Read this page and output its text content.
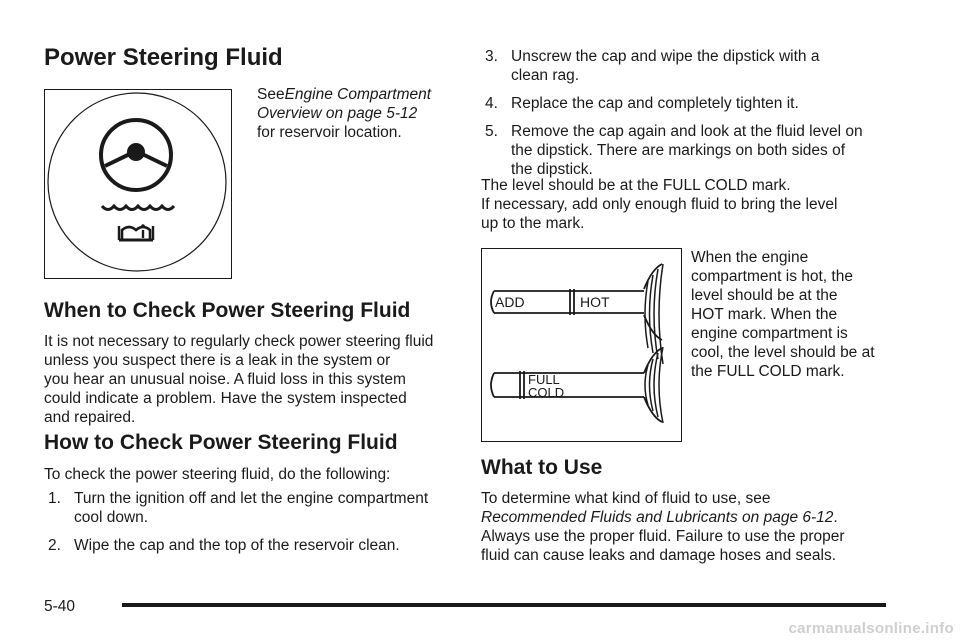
Power Steering Fluid
SeeEngine Compartment
Overview on page 5-12
for reservoir location.
When to Check Power Steering Fluid
It is not necessary to regularly check power steering fluid
unless you suspect there is a leak in the system or
you hear an unusual noise. A fluid loss in this system
could indicate a problem. Have the system inspected
and repaired.
How to Check Power Steering Fluid
To check the power steering fluid, do the following:
1. Turn the ignition off and let the engine compartment
cool down.
2. Wipe the cap and the top of the reservoir clean.
3. Unscrew the cap and wipe the dipstick with a
clean rag.
4. Replace the cap and completely tighten it.
5. Remove the cap again and look at the fluid level on
the dipstick. There are markings on both sides of
the dipstick.
The level should be at the FULL COLD mark.
If necessary, add only enough fluid to bring the level
up to the mark.
ADD	HOT
FULL
COLD
When the engine
compartment is hot, the
level should be at the
HOT mark. When the
engine compartment is
cool, the level should be at
the FULL COLD mark.
What to Use
To determine what kind of fluid to use, see
Recommended Fluids and Lubricants on page 6-12.
Always use the proper fluid. Failure to use the proper
fluid can cause leaks and damage hoses and seals.
5-40
carmanualsonline.info
